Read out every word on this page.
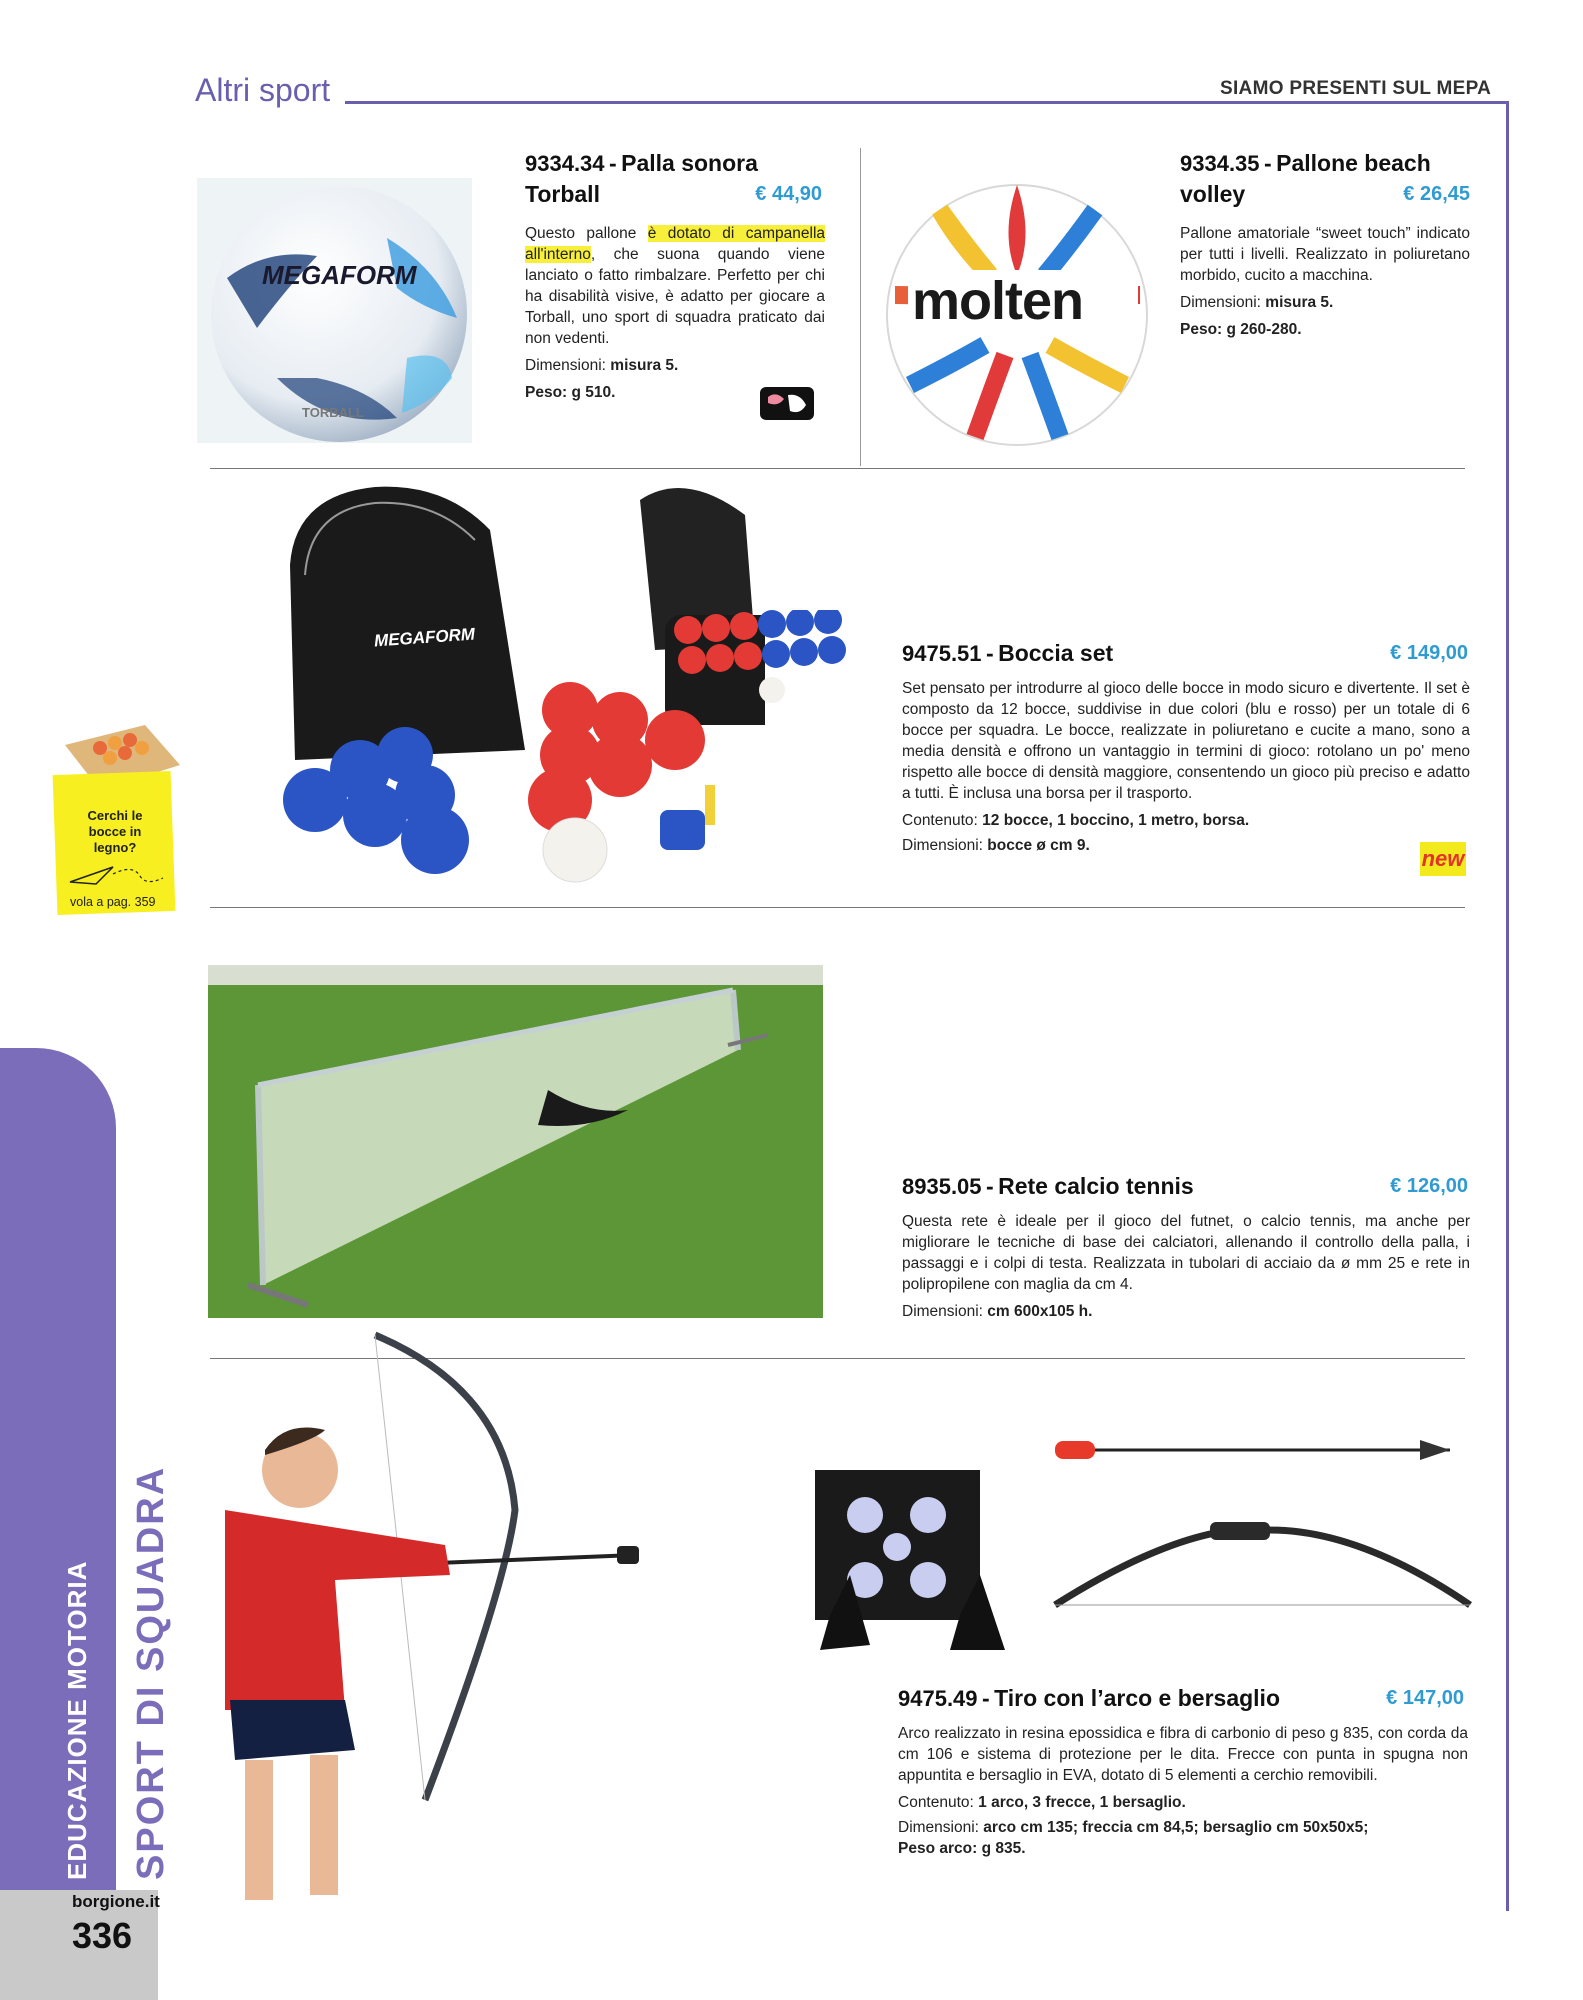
Altri sport	SIAMO PRESENTI SUL MEPA
EDUCAZIONE MOTORIA SPORT DI SQUADRA
borgione.it
336
MEGAFORM
TORBALL
9334.34 - Palla sonora
Torball	€ 44,90
Questo pallone è dotato di campanella all'interno, che suona quando viene lanciato o fatto rimbalzare. Perfetto per chi ha disabilità visive, è adatto per giocare a Torball, uno sport di squadra praticato dai non vedenti.
Dimensioni: misura 5.
Peso: g 510.
molten
9334.35 - Pallone beach
volley	€ 26,45
Pallone amatoriale “sweet touch” indicato per tutti i livelli. Realizzato in poliuretano morbido, cucito a macchina.
Dimensioni: misura 5.
Peso: g 260-280.
MEGAFORM
9475.51 - Boccia set	€ 149,00
Set pensato per introdurre al gioco delle bocce in modo sicuro e divertente. Il set è composto da 12 bocce, suddivise in due colori (blu e rosso) per un totale di 6 bocce per squadra. Le bocce, realizzate in poliuretano e cucite a mano, sono a media densità e offrono un vantaggio in termini di gioco: rotolano un po' meno rispetto alle bocce di densità maggiore, consentendo un gioco più preciso e adatto a tutti. È inclusa una borsa per il trasporto.
Contenuto: 12 bocce, 1 boccino, 1 metro, borsa.
Dimensioni: bocce ø cm 9.
new
Cerchi le bocce in legno?
vola a pag. 359
8935.05 - Rete calcio tennis	€ 126,00
Questa rete è ideale per il gioco del futnet, o calcio tennis, ma anche per migliorare le tecniche di base dei calciatori, allenando il controllo della palla, i passaggi e i colpi di testa. Realizzata in tubolari di acciaio da ø mm 25 e rete in polipropilene con maglia da cm 4.
Dimensioni: cm 600x105 h.
9475.49 - Tiro con l’arco e bersaglio	€ 147,00
Arco realizzato in resina epossidica e fibra di carbonio di peso g 835, con corda da cm 106 e sistema di protezione per le dita. Frecce con punta in spugna non appuntita e bersaglio in EVA, dotato di 5 elementi a cerchio removibili.
Contenuto: 1 arco, 3 frecce, 1 bersaglio.
Dimensioni: arco cm 135; freccia cm 84,5; bersaglio cm 50x50x5;
Peso arco: g 835.
